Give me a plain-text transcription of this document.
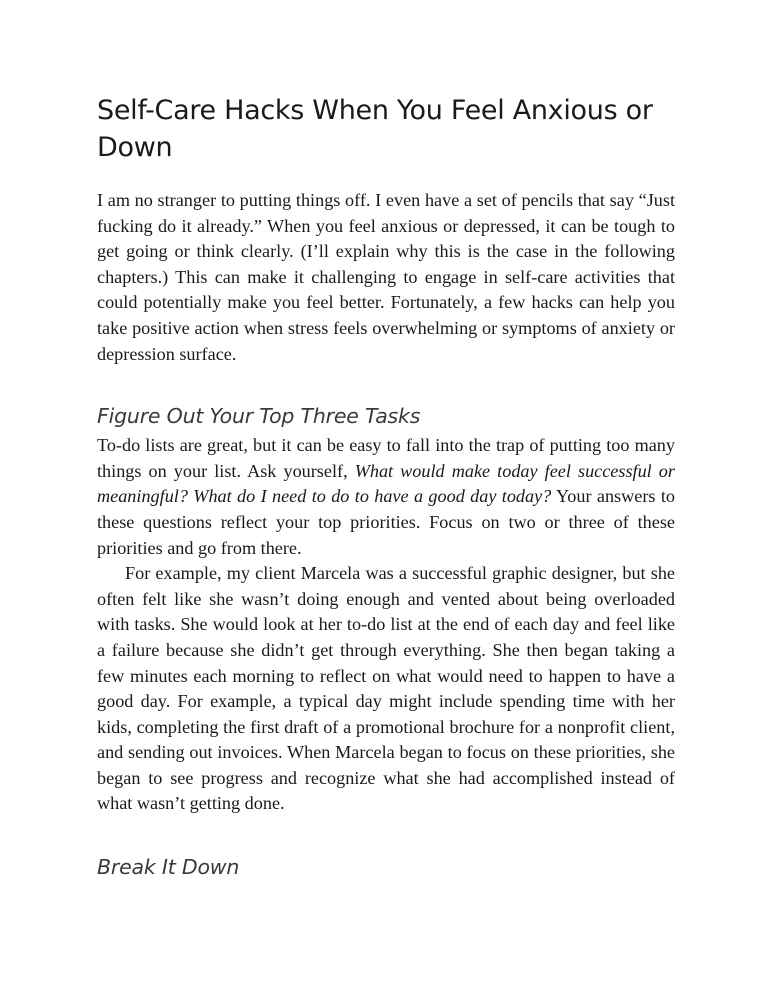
Self-Care Hacks When You Feel Anxious or Down

I am no stranger to putting things off. I even have a set of pencils that say “Just fucking do it already.” When you feel anxious or depressed, it can be tough to get going or think clearly. (I’ll explain why this is the case in the following chapters.) This can make it challenging to engage in self-care activities that could potentially make you feel better. Fortunately, a few hacks can help you take positive action when stress feels overwhelming or symptoms of anxiety or depression surface.

Figure Out Your Top Three Tasks

To-do lists are great, but it can be easy to fall into the trap of putting too many things on your list. Ask yourself, What would make today feel successful or meaningful? What do I need to do to have a good day today? Your answers to these questions reflect your top priorities. Focus on two or three of these priorities and go from there.

For example, my client Marcela was a successful graphic designer, but she often felt like she wasn’t doing enough and vented about being overloaded with tasks. She would look at her to-do list at the end of each day and feel like a failure because she didn’t get through everything. She then began taking a few minutes each morning to reflect on what would need to happen to have a good day. For example, a typical day might include spending time with her kids, completing the first draft of a promotional brochure for a nonprofit client, and sending out invoices. When Marcela began to focus on these priorities, she began to see progress and recognize what she had accomplished instead of what wasn’t getting done.

Break It Down
